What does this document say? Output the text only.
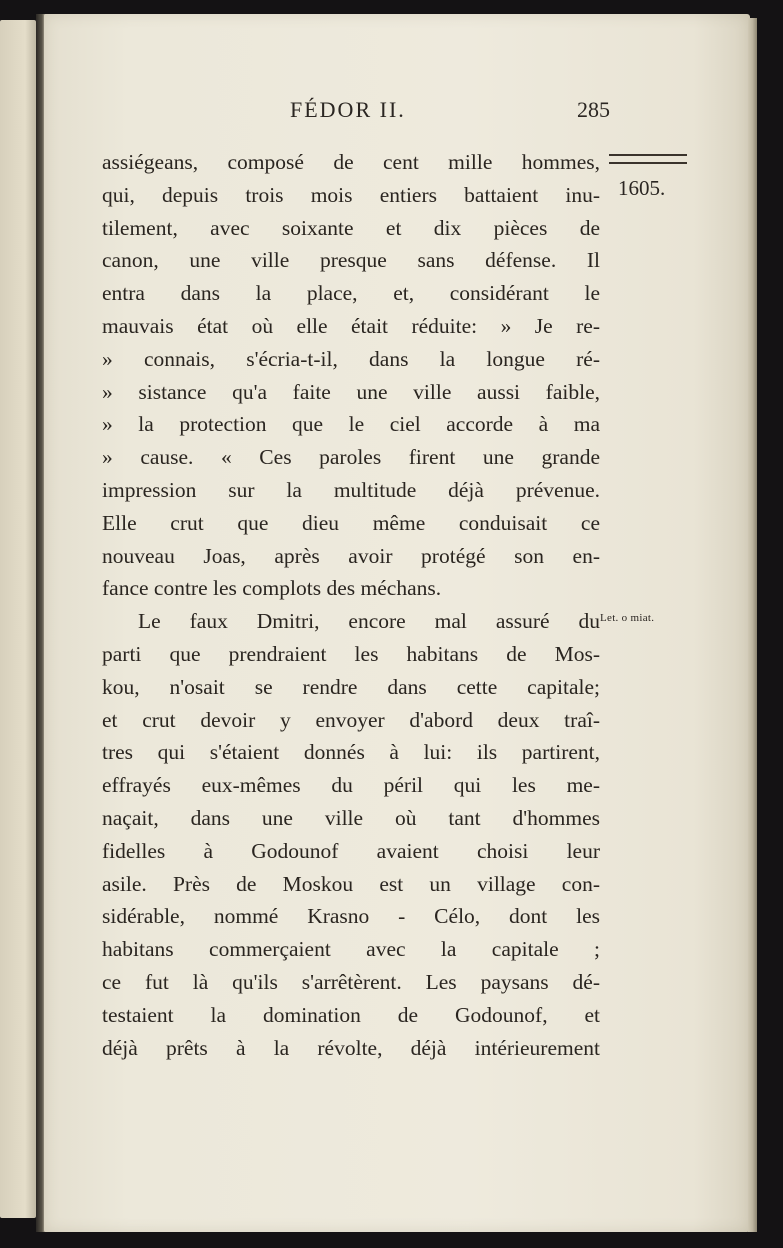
FÉDOR II.	285
1605.
Let. o miat.
assiégeans, composé de cent mille hommes,
qui, depuis trois mois entiers battaient inu-
tilement, avec soixante et dix pièces de
canon, une ville presque sans défense. Il
entra dans la place, et, considérant le
mauvais état où elle était réduite: » Je re-
» connais, s'écria-t-il, dans la longue ré-
» sistance qu'a faite une ville aussi faible,
» la protection que le ciel accorde à ma
» cause. « Ces paroles firent une grande
impression sur la multitude déjà prévenue.
Elle crut que dieu même conduisait ce
nouveau Joas, après avoir protégé son en-
fance contre les complots des méchans.
Le faux Dmitri, encore mal assuré du
parti que prendraient les habitans de Mos-
kou, n'osait se rendre dans cette capitale;
et crut devoir y envoyer d'abord deux traî-
tres qui s'étaient donnés à lui: ils partirent,
effrayés eux-mêmes du péril qui les me-
naçait, dans une ville où tant d'hommes
fidelles à Godounof avaient choisi leur
asile. Près de Moskou est un village con-
sidérable, nommé Krasno - Célo, dont les
habitans commerçaient avec la capitale ;
ce fut là qu'ils s'arrêtèrent. Les paysans dé-
testaient la domination de Godounof, et
déjà prêts à la révolte, déjà intérieurement
